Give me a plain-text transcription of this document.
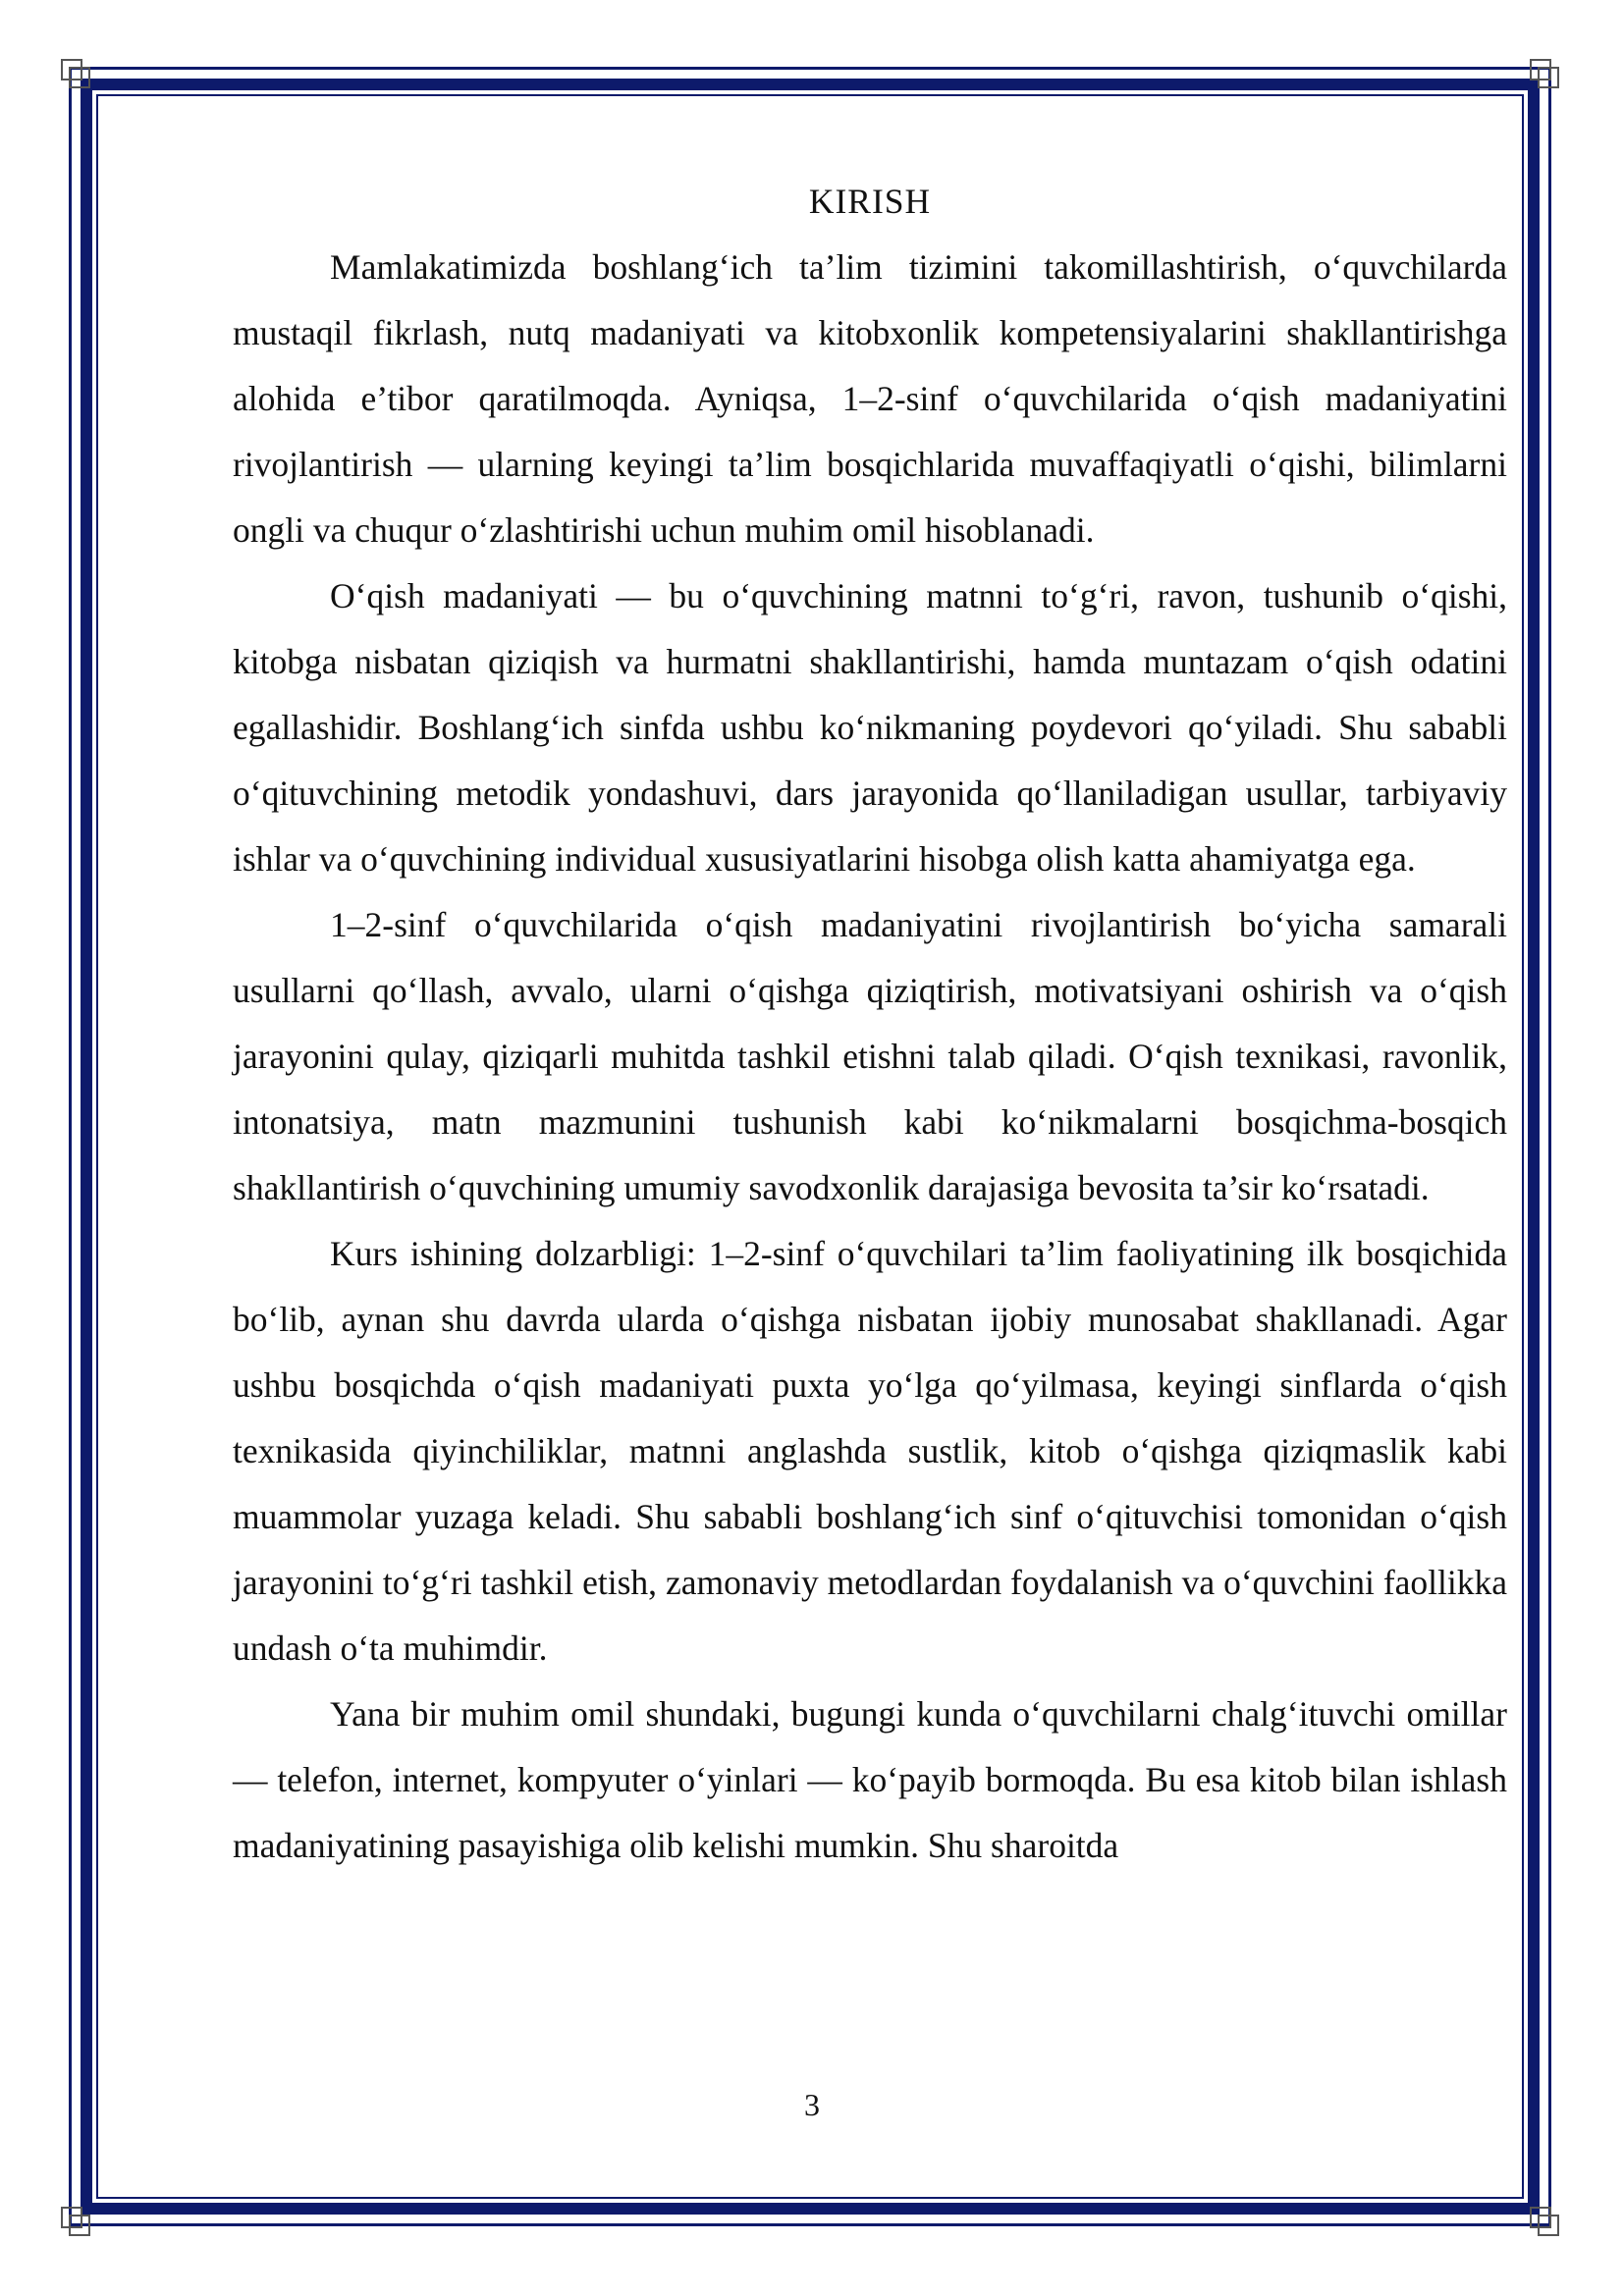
KIRISH

Mamlakatimizda boshlang‘ich ta’lim tizimini takomillashtirish, o‘quvchilarda mustaqil fikrlash, nutq madaniyati va kitobxonlik kompetensiyalarini shakllantirishga alohida e’tibor qaratilmoqda. Ayniqsa, 1–2-sinf o‘quvchilarida o‘qish madaniyatini rivojlantirish — ularning keyingi ta’lim bosqichlarida muvaffaqiyatli o‘qishi, bilimlarni ongli va chuqur o‘zlashtirishi uchun muhim omil hisoblanadi.

O‘qish madaniyati — bu o‘quvchining matnni to‘g‘ri, ravon, tushunib o‘qishi, kitobga nisbatan qiziqish va hurmatni shakllantirishi, hamda muntazam o‘qish odatini egallashidir. Boshlang‘ich sinfda ushbu ko‘nikmaning poydevori qo‘yiladi. Shu sababli o‘qituvchining metodik yondashuvi, dars jarayonida qo‘llaniladigan usullar, tarbiyaviy ishlar va o‘quvchining individual xususiyatlarini hisobga olish katta ahamiyatga ega.

1–2-sinf o‘quvchilarida o‘qish madaniyatini rivojlantirish bo‘yicha samarali usullarni qo‘llash, avvalo, ularni o‘qishga qiziqtirish, motivatsiyani oshirish va o‘qish jarayonini qulay, qiziqarli muhitda tashkil etishni talab qiladi. O‘qish texnikasi, ravonlik, intonatsiya, matn mazmunini tushunish kabi ko‘nikmalarni bosqichma-bosqich shakllantirish o‘quvchining umumiy savodxonlik darajasiga bevosita ta’sir ko‘rsatadi.

Kurs ishining dolzarbligi: 1–2-sinf o‘quvchilari ta’lim faoliyatining ilk bosqichida bo‘lib, aynan shu davrda ularda o‘qishga nisbatan ijobiy munosabat shakllanadi. Agar ushbu bosqichda o‘qish madaniyati puxta yo‘lga qo‘yilmasa, keyingi sinflarda o‘qish texnikasida qiyinchiliklar, matnni anglashda sustlik, kitob o‘qishga qiziqmaslik kabi muammolar yuzaga keladi. Shu sababli boshlang‘ich sinf o‘qituvchisi tomonidan o‘qish jarayonini to‘g‘ri tashkil etish, zamonaviy metodlardan foydalanish va o‘quvchini faollikka undash o‘ta muhimdir.

Yana bir muhim omil shundaki, bugungi kunda o‘quvchilarni chalg‘ituvchi omillar — telefon, internet, kompyuter o‘yinlari — ko‘payib bormoqda. Bu esa kitob bilan ishlash madaniyatining pasayishiga olib kelishi mumkin. Shu sharoitda

3
